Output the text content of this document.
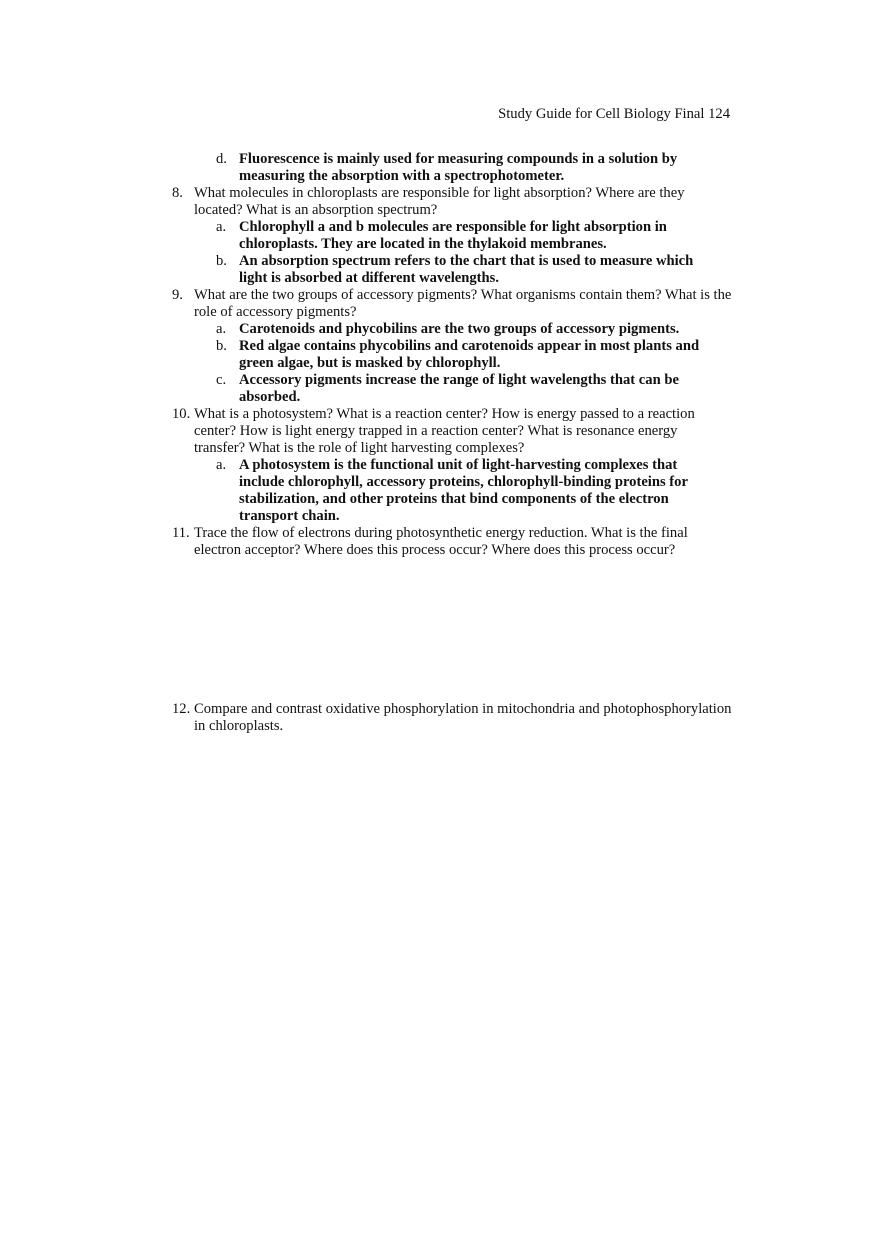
Study Guide for Cell Biology Final 124
d. Fluorescence is mainly used for measuring compounds in a solution by measuring the absorption with a spectrophotometer.
8. What molecules in chloroplasts are responsible for light absorption? Where are they located? What is an absorption spectrum?
a. Chlorophyll a and b molecules are responsible for light absorption in chloroplasts. They are located in the thylakoid membranes.
b. An absorption spectrum refers to the chart that is used to measure which light is absorbed at different wavelengths.
9. What are the two groups of accessory pigments? What organisms contain them? What is the role of accessory pigments?
a. Carotenoids and phycobilins are the two groups of accessory pigments.
b. Red algae contains phycobilins and carotenoids appear in most plants and green algae, but is masked by chlorophyll.
c. Accessory pigments increase the range of light wavelengths that can be absorbed.
10. What is a photosystem? What is a reaction center? How is energy passed to a reaction center? How is light energy trapped in a reaction center? What is resonance energy transfer? What is the role of light harvesting complexes?
a. A photosystem is the functional unit of light-harvesting complexes that include chlorophyll, accessory proteins, chlorophyll-binding proteins for stabilization, and other proteins that bind components of the electron transport chain.
11. Trace the flow of electrons during photosynthetic energy reduction. What is the final electron acceptor? Where does this process occur? Where does this process occur?
12. Compare and contrast oxidative phosphorylation in mitochondria and photophosphorylation in chloroplasts.
